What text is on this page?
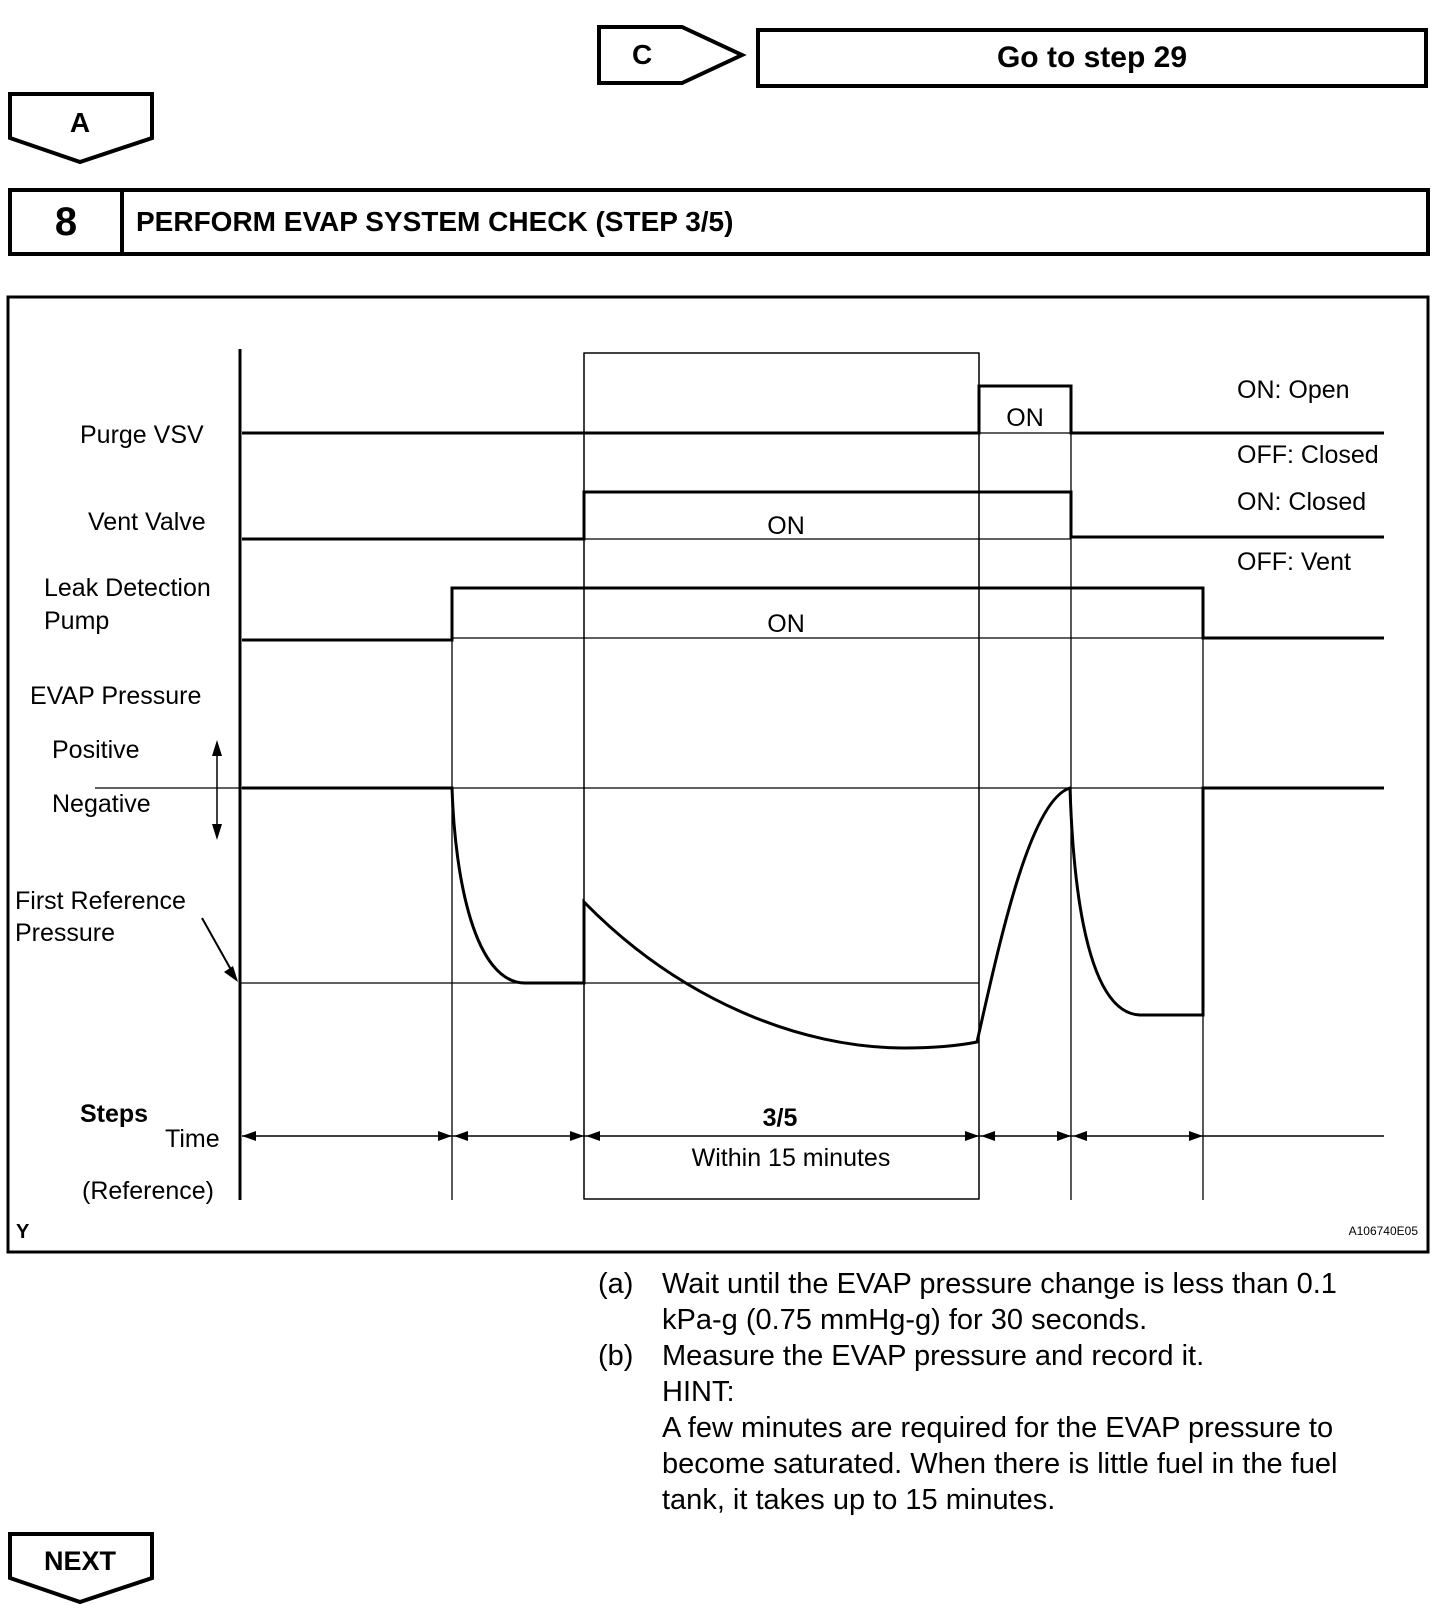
C	Go to step 29
A
8	PERFORM EVAP SYSTEM CHECK (STEP 3/5)
Purge VSV
Vent Valve
Leak Detection
Pump
EVAP Pressure
Positive
Negative
First Reference
Pressure
ON
ON
ON
ON: Open
OFF: Closed
ON: Closed
OFF: Vent
Steps
Time
(Reference)
3/5
Within 15 minutes
Y	A106740E05
(a) Wait until the EVAP pressure change is less than 0.1
kPa-g (0.75 mmHg-g) for 30 seconds.
(b) Measure the EVAP pressure and record it.
HINT:
A few minutes are required for the EVAP pressure to
become saturated. When there is little fuel in the fuel
tank, it takes up to 15 minutes.
NEXT
